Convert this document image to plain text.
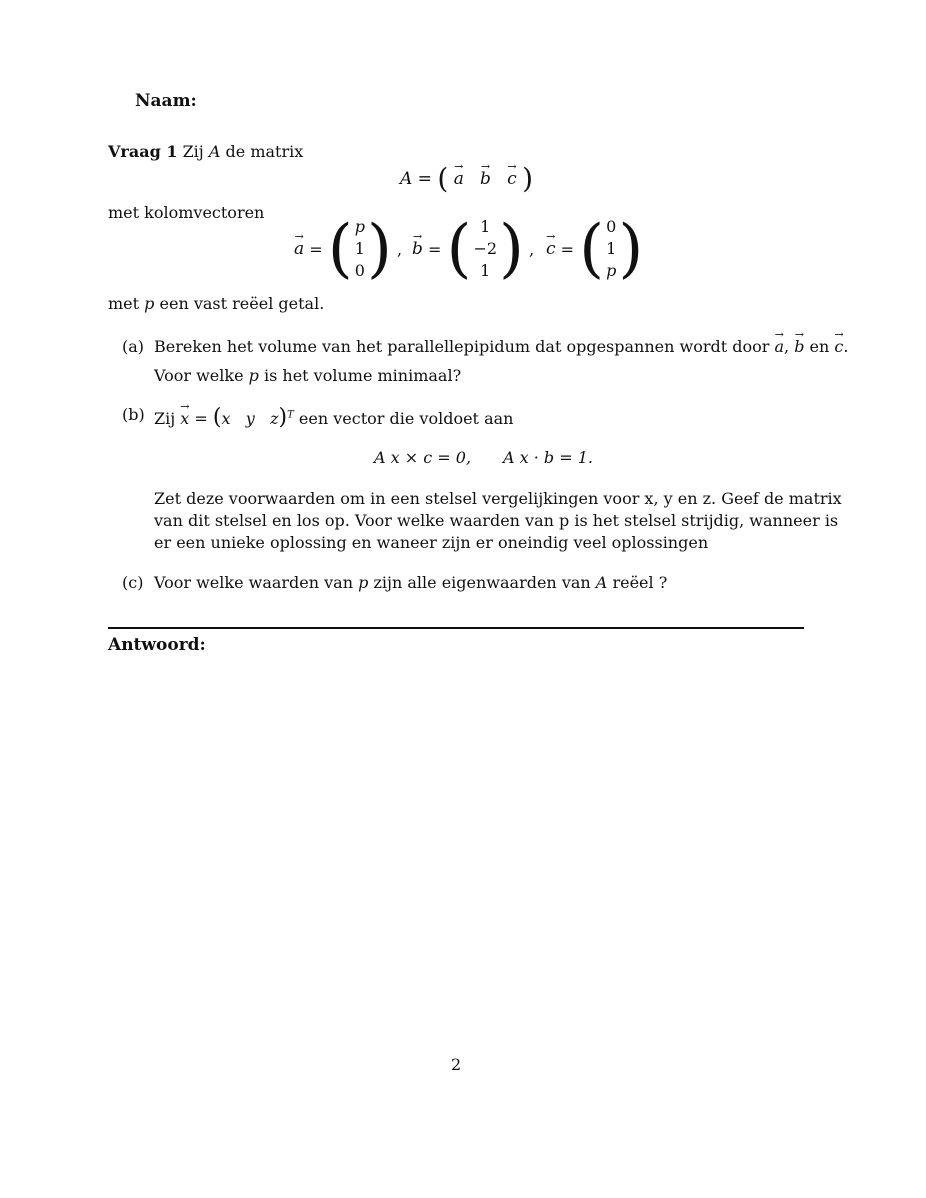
Naam:
Vraag 1 Zij A de matrix
A = ( → a → b → c )
met kolomvectoren
→ a = ( p
1
0 ) , → b = ( 1
−2
1 ) , → c = ( 0
1
p )
met p een vast reëel getal.
(a) Bereken het volume van het parallellepipidum dat opgespannen wordt door → a, → b en → c.
Voor welke p is het volume minimaal?
(b) Zij → x = (x y z)$^T$ een vector die voldoet aan
A x × c = 0, A x · b = 1.
Zet deze voorwaarden om in een stelsel vergelijkingen voor x, y en z. Geef de matrix
van dit stelsel en los op. Voor welke waarden van p is het stelsel strijdig, wanneer is
er een unieke oplossing en waneer zijn er oneindig veel oplossingen
(c) Voor welke waarden van p zijn alle eigenwaarden van A reëel ?
Antwoord:
2
